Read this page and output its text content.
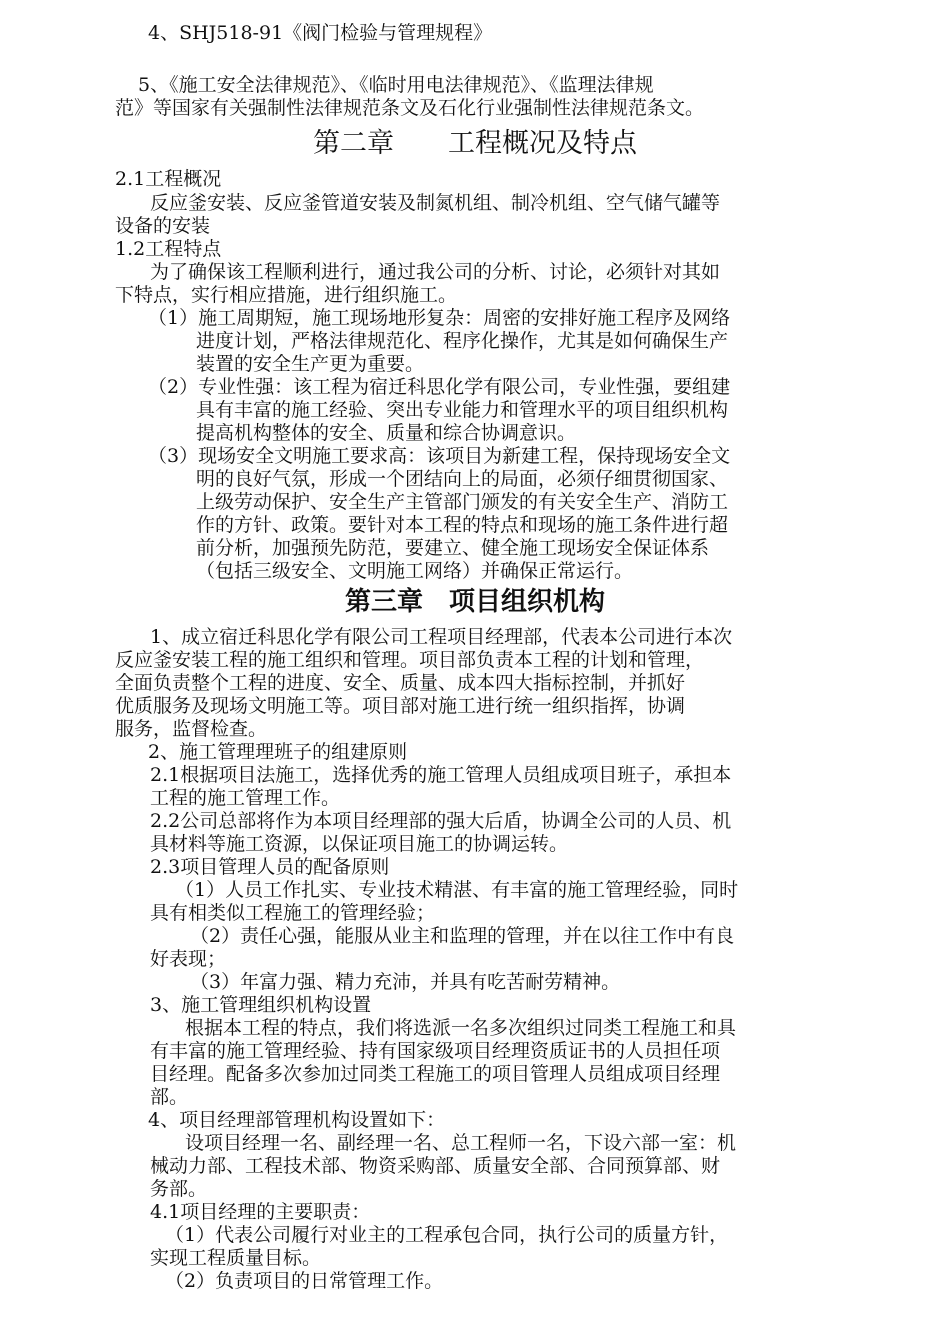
4、SHJ518-91《阀门检验与管理规程》
5、《施工安全法律规范》、《临时用电法律规范》、《监理法律规
范》等国家有关强制性法律规范条文及石化行业强制性法律规范条文。
第二章　　工程概况及特点
2.1工程概况
反应釜安装、反应釜管道安装及制氮机组、制冷机组、空气储气罐等
设备的安装
1.2工程特点
为了确保该工程顺利进行，通过我公司的分析、讨论，必须针对其如
下特点，实行相应措施，进行组织施工。
（1）施工周期短，施工现场地形复杂：周密的安排好施工程序及网络
进度计划，严格法律规范化、程序化操作，尤其是如何确保生产
装置的安全生产更为重要。
（2）专业性强：该工程为宿迁科思化学有限公司，专业性强，要组建
具有丰富的施工经验、突出专业能力和管理水平的项目组织机构
提高机构整体的安全、质量和综合协调意识。
（3）现场安全文明施工要求高：该项目为新建工程，保持现场安全文
明的良好气氛，形成一个团结向上的局面，必须仔细贯彻国家、
上级劳动保护、安全生产主管部门颁发的有关安全生产、消防工
作的方针、政策。要针对本工程的特点和现场的施工条件进行超
前分析，加强预先防范，要建立、健全施工现场安全保证体系
（包括三级安全、文明施工网络）并确保正常运行。
第三章　项目组织机构
1、成立宿迁科思化学有限公司工程项目经理部，代表本公司进行本次
反应釜安装工程的施工组织和管理。项目部负责本工程的计划和管理，
全面负责整个工程的进度、安全、质量、成本四大指标控制，并抓好
优质服务及现场文明施工等。项目部对施工进行统一组织指挥，协调
服务，监督检查。
2、施工管理理班子的组建原则
2.1根据项目法施工，选择优秀的施工管理人员组成项目班子，承担本
工程的施工管理工作。
2.2公司总部将作为本项目经理部的强大后盾，协调全公司的人员、机
具材料等施工资源，以保证项目施工的协调运转。
2.3项目管理人员的配备原则
（1）人员工作扎实、专业技术精湛、有丰富的施工管理经验，同时
具有相类似工程施工的管理经验；
（2）责任心强，能服从业主和监理的管理，并在以往工作中有良
好表现；
（3）年富力强、精力充沛，并具有吃苦耐劳精神。
3、施工管理组织机构设置
根据本工程的特点，我们将选派一名多次组织过同类工程施工和具
有丰富的施工管理经验、持有国家级项目经理资质证书的人员担任项
目经理。配备多次参加过同类工程施工的项目管理人员组成项目经理
部。
4、项目经理部管理机构设置如下：
设项目经理一名、副经理一名、总工程师一名，下设六部一室：机
械动力部、工程技术部、物资采购部、质量安全部、合同预算部、财
务部。
4.1项目经理的主要职责：
（1）代表公司履行对业主的工程承包合同，执行公司的质量方针，
实现工程质量目标。
（2）负责项目的日常管理工作。
